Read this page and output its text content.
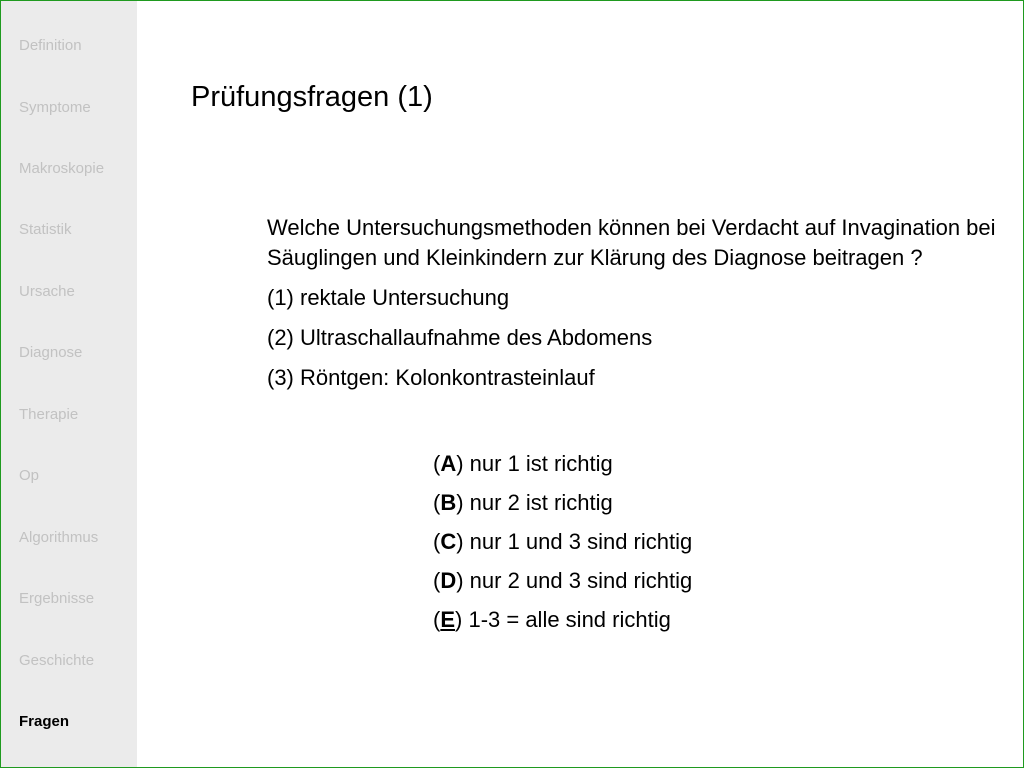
Definition
Symptome
Makroskopie
Statistik
Ursache
Diagnose
Therapie
Op
Algorithmus
Ergebnisse
Geschichte
Fragen
Prüfungsfragen (1)

Welche Untersuchungsmethoden können bei Verdacht auf Invagination bei Säuglingen und Kleinkindern zur Klärung des Diagnose beitragen ?

(1) rektale Untersuchung

(2) Ultraschallaufnahme des Abdomens

(3) Röntgen: Kolonkontrasteinlauf

(A) nur 1 ist richtig
(B) nur 2 ist richtig
(C) nur 1 und 3 sind richtig
(D) nur 2 und 3 sind richtig
(E) 1-3 = alle sind richtig
